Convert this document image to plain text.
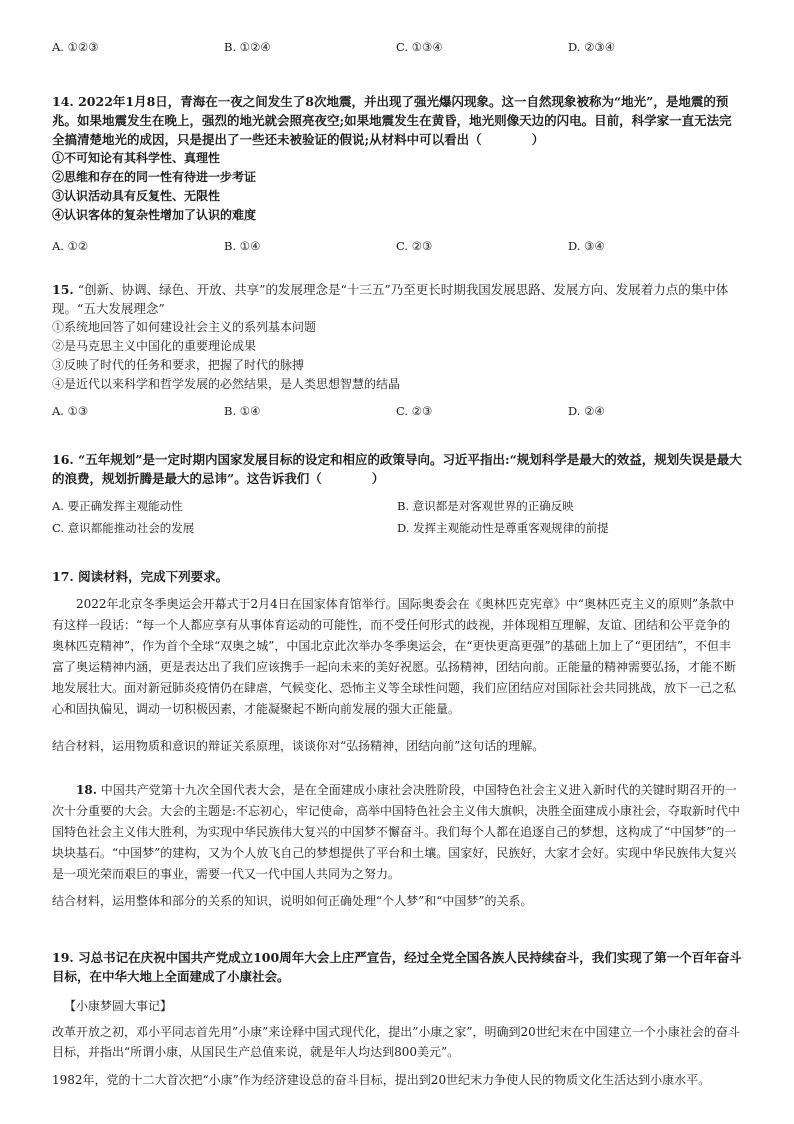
A. ①②③	B. ①②④	C. ①③④	D. ②③④
14. 2022年1月8日，青海在一夜之间发生了8次地震，并出现了强光爆闪现象。这一自然现象被称为“地光”，是地震的预兆。如果地震发生在晚上，强烈的地光就会照亮夜空;如果地震发生在黄昏，地光则像天边的闪电。目前，科学家一直无法完全搞清楚地光的成因，只是提出了一些还未被验证的假说;从材料中可以看出（　　　　）
①不可知论有其科学性、真理性
②思维和存在的同一性有待进一步考证
③认识活动具有反复性、无限性
④认识客体的复杂性增加了认识的难度
A. ①②	B. ①④	C. ②③	D. ③④
15. “创新、协调、绿色、开放、共享”的发展理念是“十三五”乃至更长时期我国发展思路、发展方向、发展着力点的集中体现。“五大发展理念”
①系统地回答了如何建设社会主义的系列基本问题
②是马克思主义中国化的重要理论成果
③反映了时代的任务和要求，把握了时代的脉搏
④是近代以来科学和哲学发展的必然结果，是人类思想智慧的结晶
A. ①③	B. ①④	C. ②③	D. ②④
16. “五年规划”是一定时期内国家发展目标的设定和相应的政策导向。习近平指出:“规划科学是最大的效益，规划失误是最大的浪费，规划折腾是最大的忌讳”。这告诉我们（　　　　）
A. 要正确发挥主观能动性	B. 意识都是对客观世界的正确反映
C. 意识都能推动社会的发展	D. 发挥主观能动性是尊重客观规律的前提
17. 阅读材料，完成下列要求。
2022年北京冬季奥运会开幕式于2月4日在国家体育馆举行。国际奥委会在《奥林匹克宪章》中“奥林匹克主义的原则”条款中有这样一段话：“每一个人都应享有从事体育运动的可能性，而不受任何形式的歧视，并体现相互理解，友谊、团结和公平竞争的奥林匹克精神”，作为首个全球“双奥之城”，中国北京此次举办冬季奥运会，在“更快更高更强”的基础上加上了“更团结”，不但丰富了奥运精神内涵，更是表达出了我们应该携手一起向未来的美好祝愿。弘扬精神，团结向前。正能量的精神需要弘扬，才能不断地发展壮大。面对新冠肺炎疫情仍在肆虐，气候变化、恐怖主义等全球性问题，我们应团结应对国际社会共同挑战，放下一己之私心和固执偏见，调动一切积极因素，才能凝聚起不断向前发展的强大正能量。
结合材料，运用物质和意识的辩证关系原理，谈谈你对“弘扬精神，团结向前”这句话的理解。
18. 中国共产党第十九次全国代表大会，是在全面建成小康社会决胜阶段，中国特色社会主义进入新时代的关键时期召开的一次十分重要的大会。大会的主题是:不忘初心，牢记使命，高举中国特色社会主义伟大旗帜，决胜全面建成小康社会，夺取新时代中国特色社会主义伟大胜利，为实现中华民族伟大复兴的中国梦不懈奋斗。我们每个人都在追逐自己的梦想，这构成了“中国梦”的一块块基石。“中国梦”的建构，又为个人放飞自己的梦想提供了平台和土壤。国家好，民族好，大家才会好。实现中华民族伟大复兴是一项光荣而艰巨的事业，需要一代又一代中国人共同为之努力。
结合材料，运用整体和部分的关系的知识，说明如何正确处理“个人梦”和“中国梦”的关系。
19. 习总书记在庆祝中国共产党成立100周年大会上庄严宣告，经过全党全国各族人民持续奋斗，我们实现了第一个百年奋斗目标，在中华大地上全面建成了小康社会。
【小康梦圆大事记】
改革开放之初，邓小平同志首先用”小康”来诠释中国式现代化，提出”小康之家”，明确到20世纪末在中国建立一个小康社会的奋斗目标，并指出“所谓小康，从国民生产总值来说，就是年人均达到800美元”。
1982年，党的十二大首次把“小康”作为经济建设总的奋斗目标，提出到20世纪末力争使人民的物质文化生活达到小康水平。
